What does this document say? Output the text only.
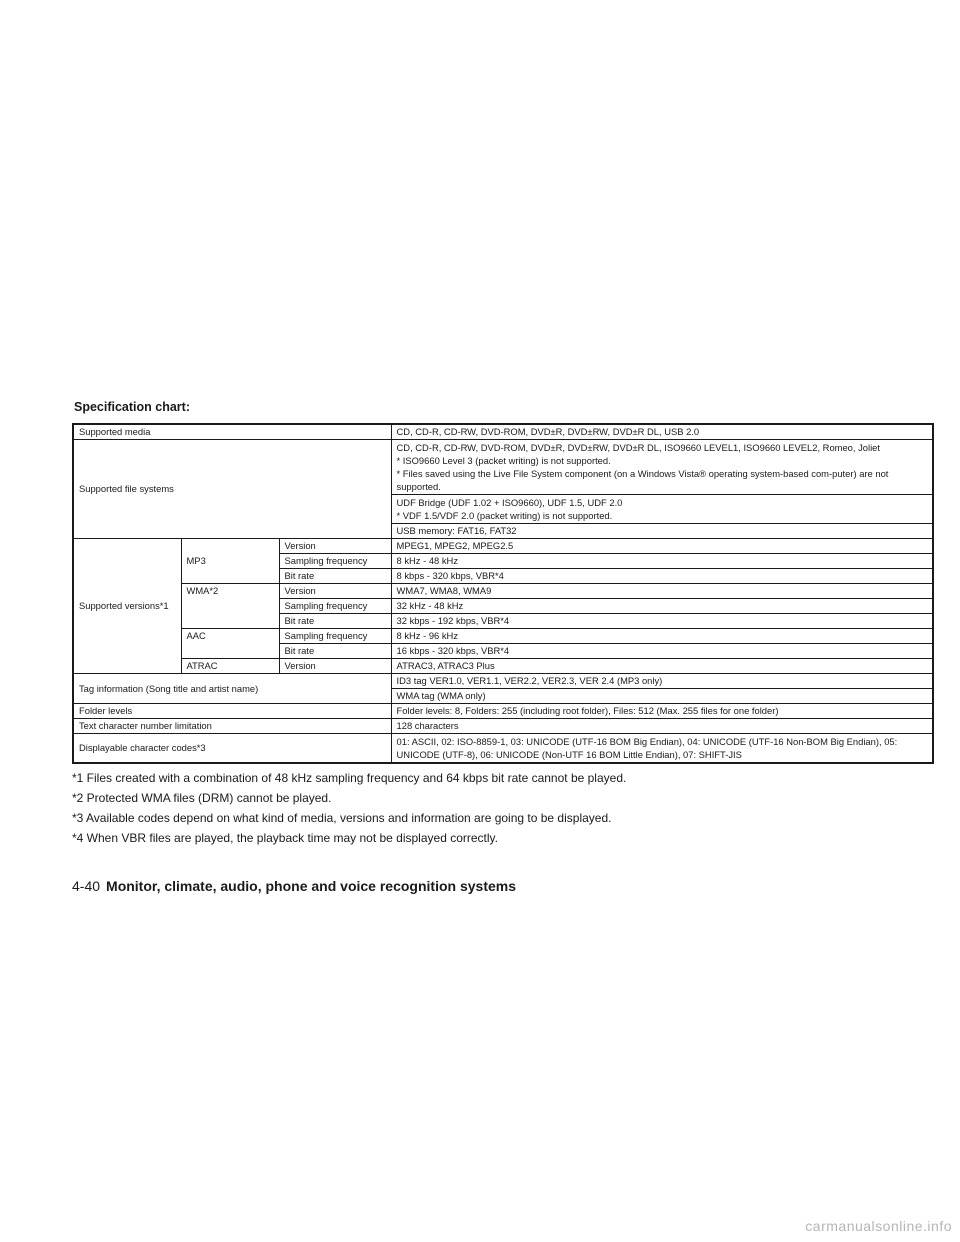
Specification chart:
Supported media			CD, CD-R, CD-RW, DVD-ROM, DVD±R, DVD±RW, DVD±R DL, USB 2.0
Supported file systems			CD, CD-R, CD-RW, DVD-ROM, DVD±R, DVD±RW, DVD±R DL, ISO9660 LEVEL1, ISO9660 LEVEL2, Romeo, Joliet
* ISO9660 Level 3 (packet writing) is not supported.
* Files saved using the Live File System component (on a Windows Vista® operating system-based com-puter) are not supported.

			UDF Bridge (UDF 1.02 + ISO9660), UDF 1.5, UDF 2.0
* VDF 1.5/VDF 2.0 (packet writing) is not supported.

			USB memory: FAT16, FAT32
Supported versions*1	MP3	Version	MPEG1, MPEG2, MPEG2.5
		Sampling frequency	8 kHz - 48 kHz
		Bit rate	8 kbps - 320 kbps, VBR*4
	WMA*2	Version	WMA7, WMA8, WMA9
		Sampling frequency	32 kHz - 48 kHz
		Bit rate	32 kbps - 192 kbps, VBR*4
	AAC	Sampling frequency	8 kHz - 96 kHz
		Bit rate	16 kbps - 320 kbps, VBR*4
	ATRAC	Version	ATRAC3, ATRAC3 Plus
Tag information (Song title and artist name)			ID3 tag VER1.0, VER1.1, VER2.2, VER2.3, VER 2.4 (MP3 only)
			WMA tag (WMA only)
Folder levels			Folder levels: 8, Folders: 255 (including root folder), Files: 512 (Max. 255 files for one folder)
Text character number limitation			128 characters
Displayable character codes*3			01: ASCII, 02: ISO-8859-1, 03: UNICODE (UTF-16 BOM Big Endian), 04: UNICODE (UTF-16 Non-BOM Big Endian), 05: UNICODE (UTF-8), 06: UNICODE (Non-UTF 16 BOM Little Endian), 07: SHIFT-JIS
*1 Files created with a combination of 48 kHz sampling frequency and 64 kbps bit rate cannot be played.
*2 Protected WMA files (DRM) cannot be played.
*3 Available codes depend on what kind of media, versions and information are going to be displayed.
*4 When VBR files are played, the playback time may not be displayed correctly.
4-40 Monitor, climate, audio, phone and voice recognition systems
carmanualsonline.info
